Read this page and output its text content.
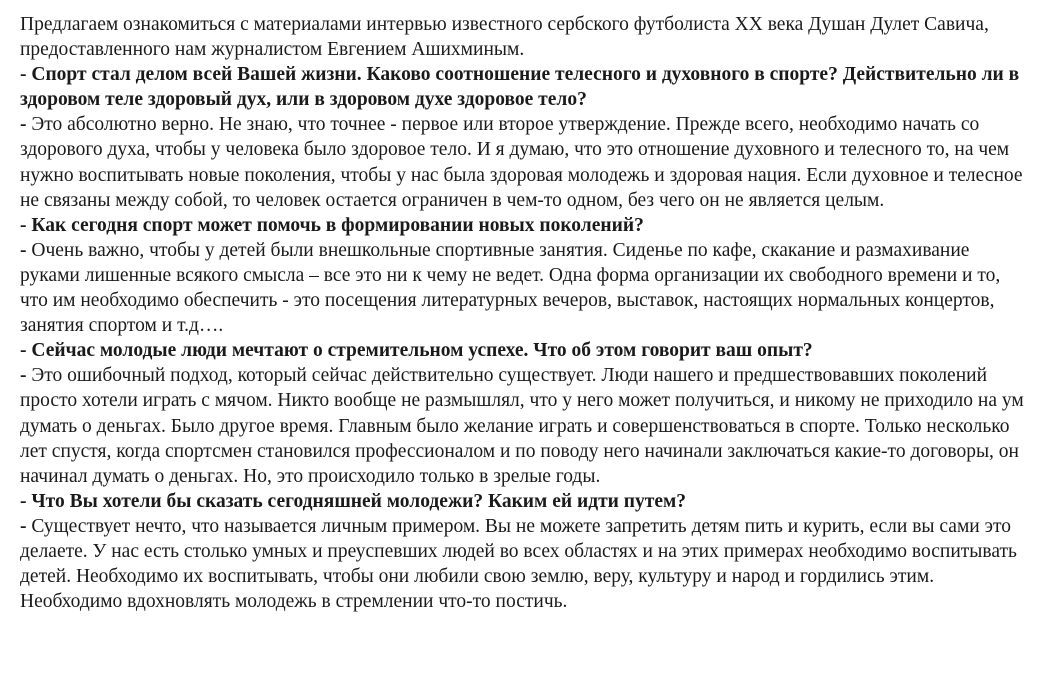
Предлагаем ознакомиться с материалами интервью известного сербского футболиста XX века Душан Дулет Савича, предоставленного нам журналистом Евгением Ашихминым.

- Спорт стал делом всей Вашей жизни. Каково соотношение телесного и духовного в спорте? Действительно ли в здоровом теле здоровый дух, или в здоровом духе здоровое тело?

- Это абсолютно верно. Не знаю, что точнее - первое или второе утверждение. Прежде всего, необходимо начать со здорового духа, чтобы у человека было здоровое тело. И я думаю, что это отношение духовного и телесного то, на чем нужно воспитывать новые поколения, чтобы у нас была здоровая молодежь и здоровая нация. Если духовное и телесное не связаны между собой, то человек остается ограничен в чем-то одном, без чего он не является целым.

- Как сегодня спорт может помочь в формировании новых поколений?

- Очень важно, чтобы у детей были внешкольные спортивные занятия. Сиденье по кафе, скакание и размахивание руками лишенные всякого смысла – все это ни к чему не ведет. Одна форма организации их свободного времени и то, что им необходимо обеспечить - это посещения литературных вечеров, выставок, настоящих нормальных концертов, занятия спортом и т.д….

- Сейчас молодые люди мечтают о стремительном успехе. Что об этом говорит ваш опыт?

- Это ошибочный подход, который сейчас действительно существует. Люди нашего и предшествовавших поколений просто хотели играть с мячом. Никто вообще не размышлял, что у него может получиться, и никому не приходило на ум думать о деньгах. Было другое время. Главным было желание играть и совершенствоваться в спорте. Только несколько лет спустя, когда спортсмен становился профессионалом и по поводу него начинали заключаться какие-то договоры, он начинал думать о деньгах. Но, это происходило только в зрелые годы.

- Что Вы хотели бы сказать сегодняшней молодежи? Каким ей идти путем?

- Существует нечто, что называется личным примером. Вы не можете запретить детям пить и курить, если вы сами это делаете. У нас есть столько умных и преуспевших людей во всех областях и на этих примерах необходимо воспитывать детей. Необходимо их воспитывать, чтобы они любили свою землю, веру, культуру и народ и гордились этим. Необходимо вдохновлять молодежь в стремлении что-то постичь.
